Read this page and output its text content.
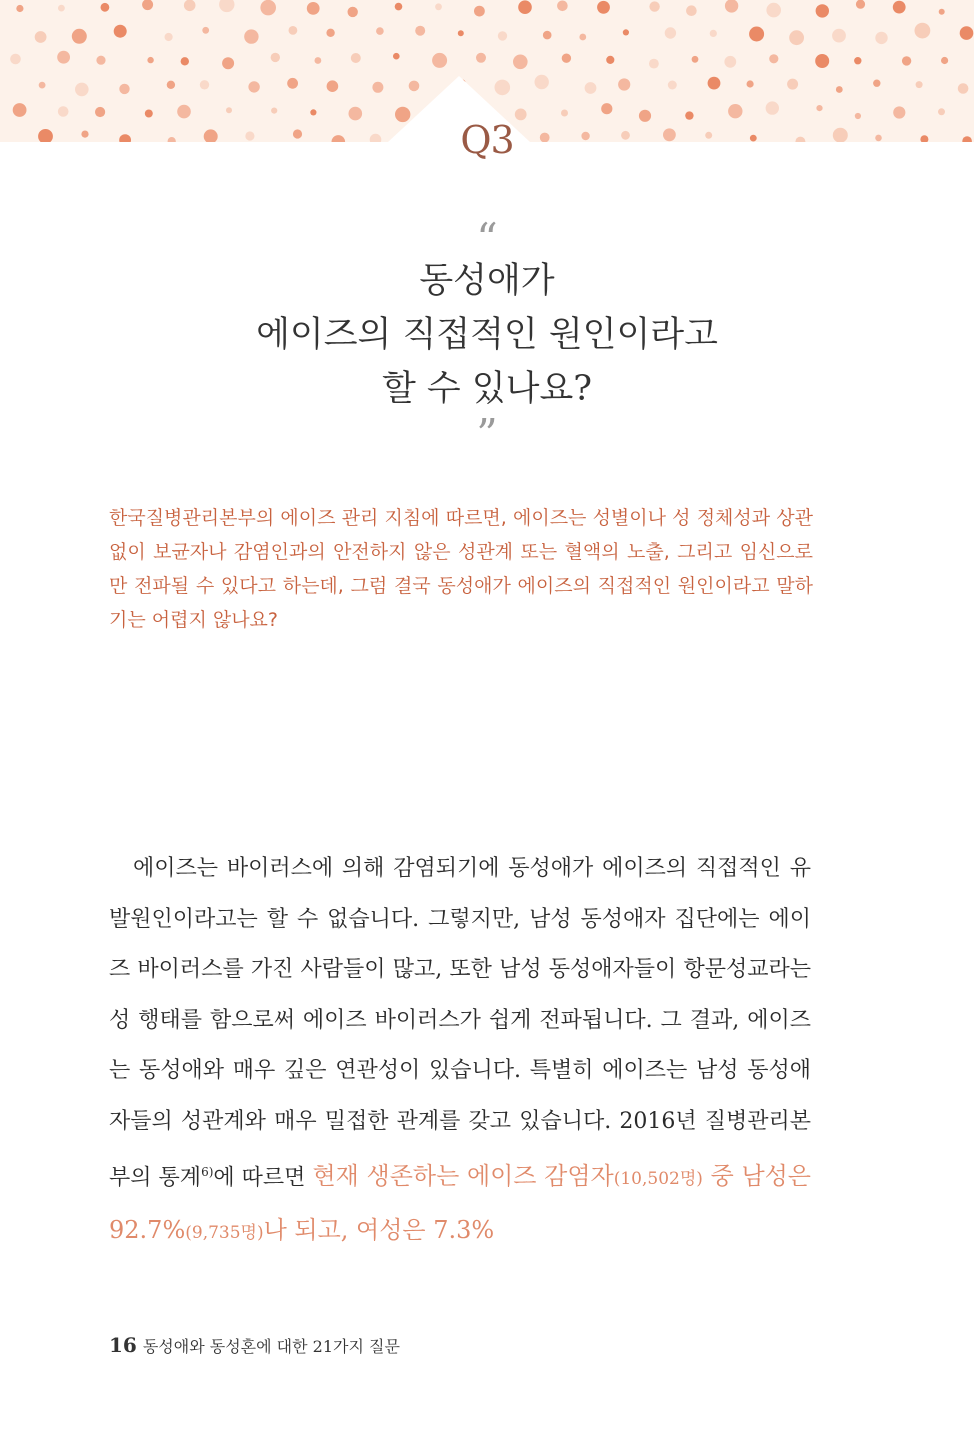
Q3
“
동성애가
에이즈의 직접적인 원인이라고
할 수 있나요?
”

한국질병관리본부의 에이즈 관리 지침에 따르면, 에이즈는 성별이나 성 정체성과 상관없이 보균자나 감염인과의 안전하지 않은 성관계 또는 혈액의 노출, 그리고 임신으로만 전파될 수 있다고 하는데, 그럼 결국 동성애가 에이즈의 직접적인 원인이라고 말하기는 어렵지 않나요?

에이즈는 바이러스에 의해 감염되기에 동성애가 에이즈의 직접적인 유발원인이라고는 할 수 없습니다. 그렇지만, 남성 동성애자 집단에는 에이즈 바이러스를 가진 사람들이 많고, 또한 남성 동성애자들이 항문성교라는 성 행태를 함으로써 에이즈 바이러스가 쉽게 전파됩니다. 그 결과, 에이즈는 동성애와 매우 깊은 연관성이 있습니다. 특별히 에이즈는 남성 동성애자들의 성관계와 매우 밀접한 관계를 갖고 있습니다. 2016년 질병관리본부의 통계$^{6)}$에 따르면 현재 생존하는 에이즈 감염자(10,502명) 중 남성은 92.7%(9,735명)나 되고, 여성은 7.3%

16 동성애와 동성혼에 대한 21가지 질문
